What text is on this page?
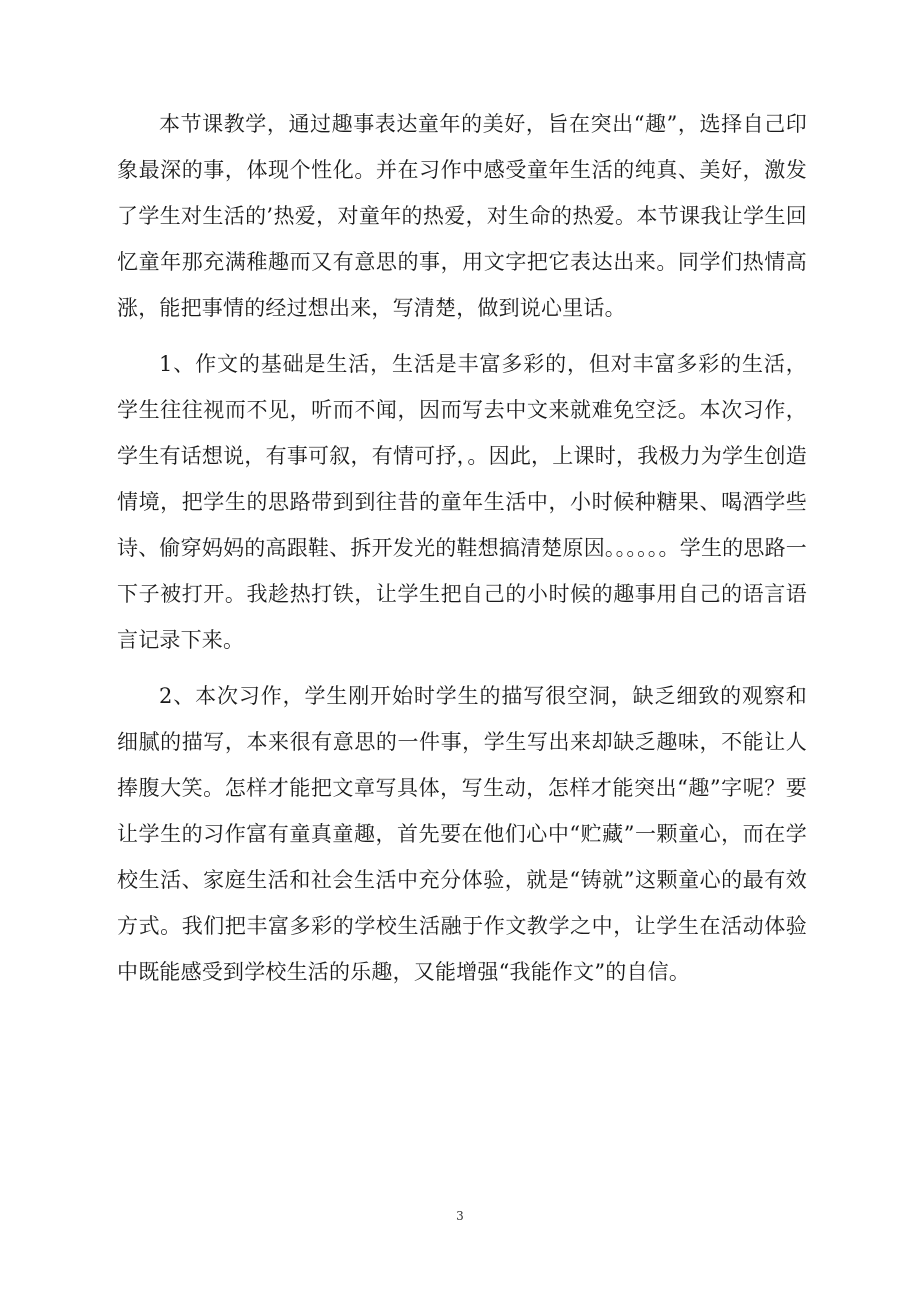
本节课教学，通过趣事表达童年的美好，旨在突出“趣”，选择自己印象最深的事，体现个性化。并在习作中感受童年生活的纯真、美好，激发了学生对生活的’热爱，对童年的热爱，对生命的热爱。本节课我让学生回忆童年那充满稚趣而又有意思的事，用文字把它表达出来。同学们热情高涨，能把事情的经过想出来，写清楚，做到说心里话。

1、作文的基础是生活，生活是丰富多彩的，但对丰富多彩的生活，学生往往视而不见，听而不闻，因而写去中文来就难免空泛。本次习作，学生有话想说，有事可叙，有情可抒，。因此，上课时，我极力为学生创造情境，把学生的思路带到到往昔的童年生活中，小时候种糖果、喝酒学些诗、偷穿妈妈的高跟鞋、拆开发光的鞋想搞清楚原因。。。。。。学生的思路一下子被打开。我趁热打铁，让学生把自己的小时候的趣事用自己的语言语言记录下来。

2、本次习作，学生刚开始时学生的描写很空洞，缺乏细致的观察和细腻的描写，本来很有意思的一件事，学生写出来却缺乏趣味，不能让人捧腹大笑。怎样才能把文章写具体，写生动，怎样才能突出“趣”字呢？要让学生的习作富有童真童趣，首先要在他们心中“贮藏”一颗童心，而在学校生活、家庭生活和社会生活中充分体验，就是“铸就”这颗童心的最有效方式。我们把丰富多彩的学校生活融于作文教学之中，让学生在活动体验中既能感受到学校生活的乐趣，又能增强“我能作文”的自信。

3
